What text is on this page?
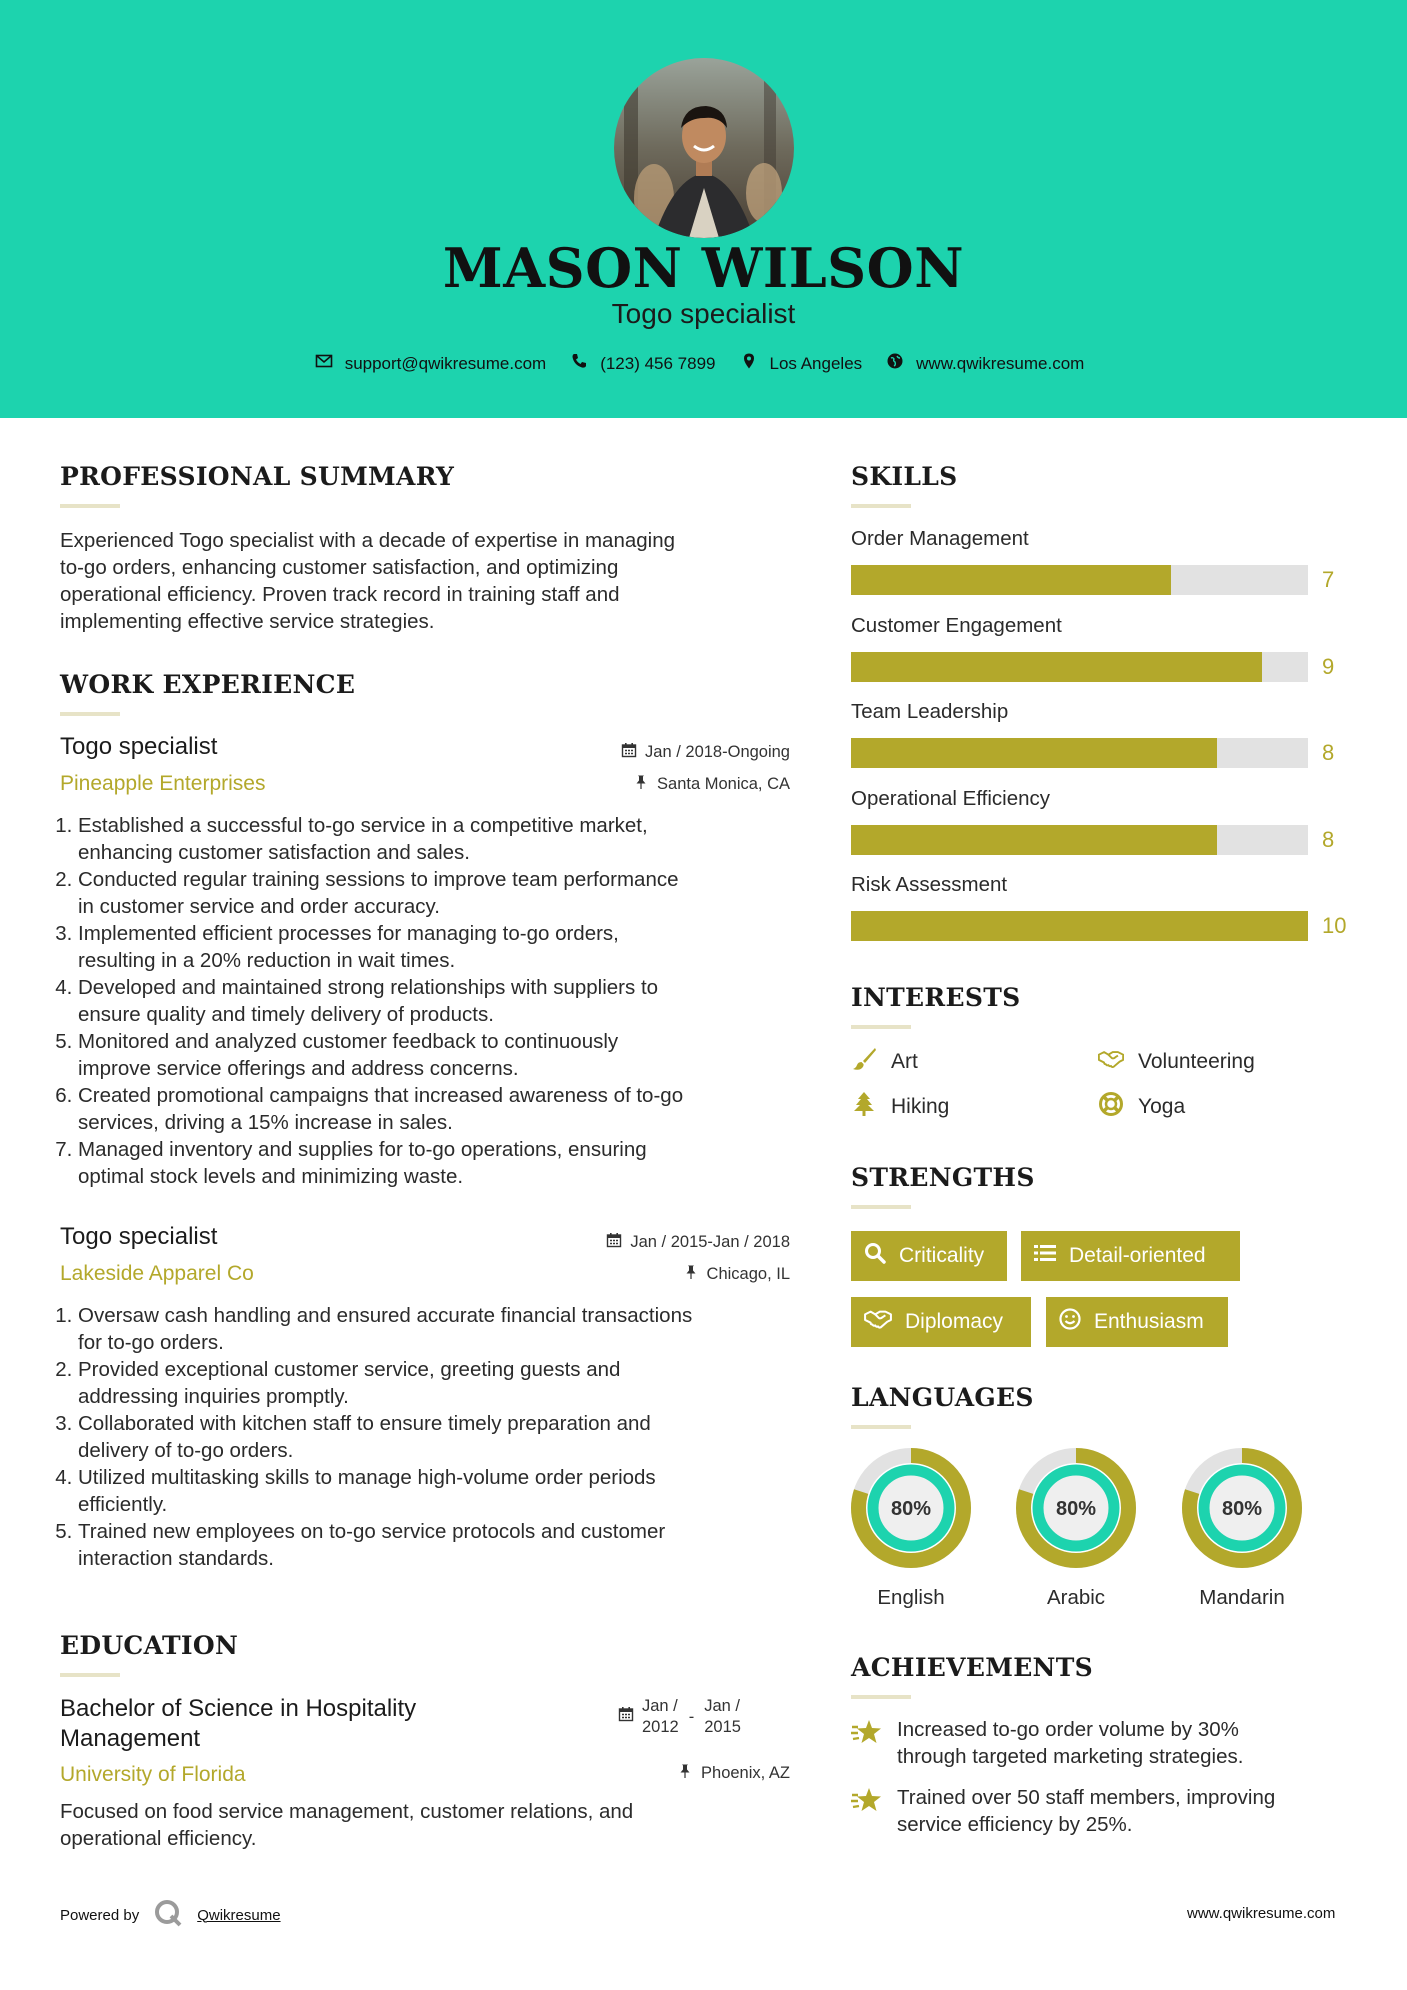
MASON WILSON
Togo specialist
support@qwikresume.com	(123) 456 7899	Los Angeles	www.qwikresume.com
PROFESSIONAL SUMMARY
Experienced Togo specialist with a decade of expertise in managing
to-go orders, enhancing customer satisfaction, and optimizing
operational efficiency. Proven track record in training staff and
implementing effective service strategies.
WORK EXPERIENCE
Togo specialist	Jan / 2018-Ongoing
Pineapple Enterprises	Santa Monica, CA
1. Established a successful to-go service in a competitive market,
enhancing customer satisfaction and sales.
2. Conducted regular training sessions to improve team performance
in customer service and order accuracy.
3. Implemented efficient processes for managing to-go orders,
resulting in a 20% reduction in wait times.
4. Developed and maintained strong relationships with suppliers to
ensure quality and timely delivery of products.
5. Monitored and analyzed customer feedback to continuously
improve service offerings and address concerns.
6. Created promotional campaigns that increased awareness of to-go
services, driving a 15% increase in sales.
7. Managed inventory and supplies for to-go operations, ensuring
optimal stock levels and minimizing waste.
Togo specialist	Jan / 2015-Jan / 2018
Lakeside Apparel Co	Chicago, IL
1. Oversaw cash handling and ensured accurate financial transactions
for to-go orders.
2. Provided exceptional customer service, greeting guests and
addressing inquiries promptly.
3. Collaborated with kitchen staff to ensure timely preparation and
delivery of to-go orders.
4. Utilized multitasking skills to manage high-volume order periods
efficiently.
5. Trained new employees on to-go service protocols and customer
interaction standards.
EDUCATION
Bachelor of Science in Hospitality
Management
Jan /
2012
-
Jan /
2015
University of Florida	Phoenix, AZ
Focused on food service management, customer relations, and
operational efficiency.
SKILLS
Order Management
7
Customer Engagement
9
Team Leadership
8
Operational Efficiency
8
Risk Assessment
10
INTERESTS
Art	Volunteering
Hiking	Yoga
STRENGTHS
Criticality	Detail-oriented
Diplomacy	Enthusiasm
LANGUAGES
80%
English
80%
Arabic
80%
Mandarin
ACHIEVEMENTS
Increased to-go order volume by 30%
through targeted marketing strategies.
Trained over 50 staff members, improving
service efficiency by 25%.
Powered by	Qwikresume	www.qwikresume.com
